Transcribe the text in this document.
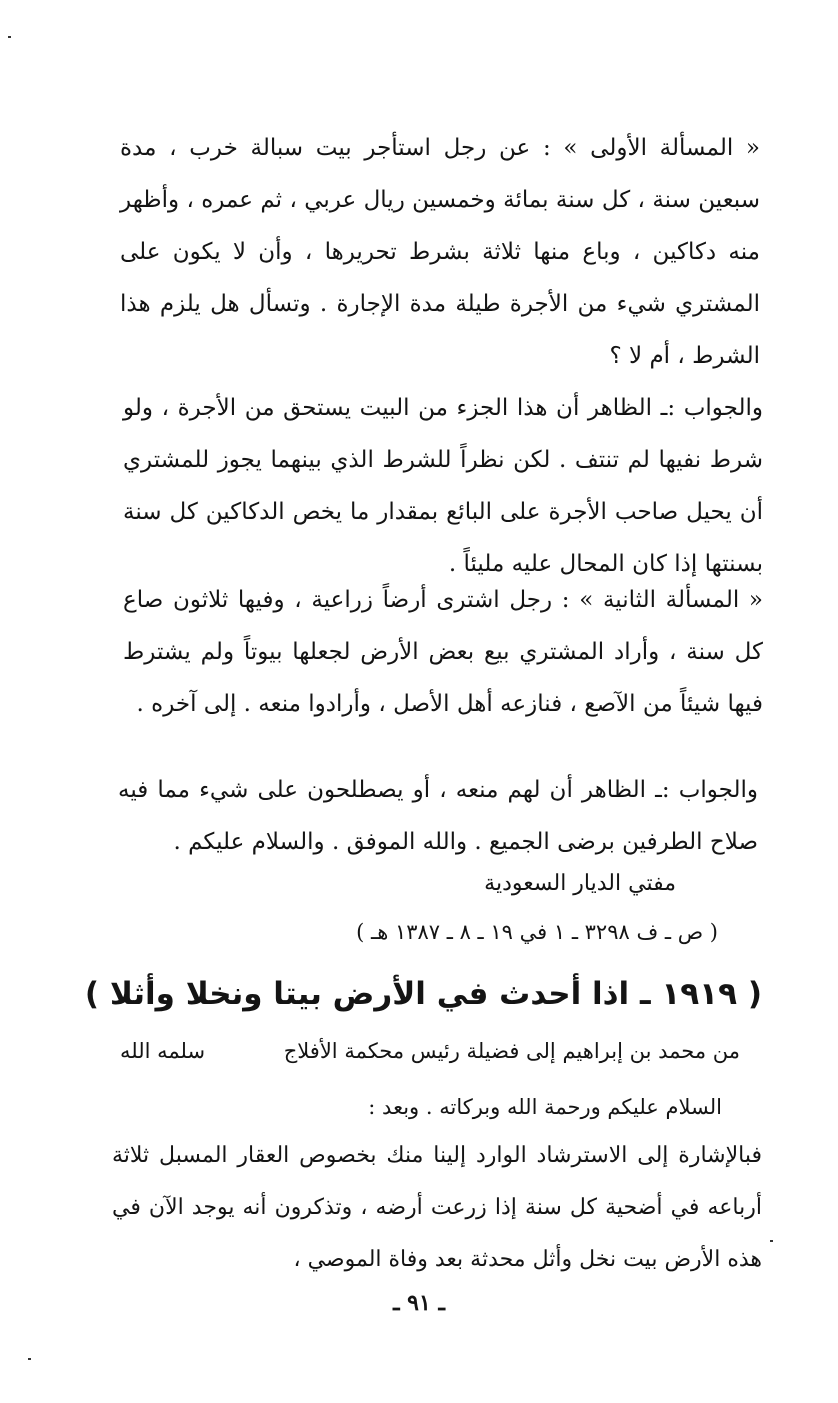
« المسألة الأولى » : عن رجل استأجر بيت سبالة خرب ، مدة سبعين سنة ، كل سنة بمائة وخمسين ريال عربي ، ثم عمره ، وأظهر منه دكاكين ، وباع منها ثلاثة بشرط تحريرها ، وأن لا يكون على المشتري شيء من الأجرة طيلة مدة الإجارة . وتسأل هل يلزم هذا الشرط ، أم لا ؟

والجواب :ـ الظاهر أن هذا الجزء من البيت يستحق من الأجرة ، ولو شرط نفيها لم تنتف . لكن نظراً للشرط الذي بينهما يجوز للمشتري أن يحيل صاحب الأجرة على البائع بمقدار ما يخص الدكاكين كل سنة بسنتها إذا كان المحال عليه مليئاً .

« المسألة الثانية » : رجل اشترى أرضاً زراعية ، وفيها ثلاثون صاع كل سنة ، وأراد المشتري بيع بعض الأرض لجعلها بيوتاً ولم يشترط فيها شيئاً من الآصع ، فنازعه أهل الأصل ، وأرادوا منعه . إلى آخره .

والجواب :ـ الظاهر أن لهم منعه ، أو يصطلحون على شيء مما فيه صلاح الطرفين برضى الجميع . والله الموفق . والسلام عليكم .

مفتي الديار السعودية

( ص ـ ف ٣٢٩٨ ـ ١ في ١٩ ـ ٨ ـ ١٣٨٧ هـ )

( ١٩١٩ ـ اذا أحدث في الأرض بيتا ونخلا وأثلا )

من محمد بن إبراهيم إلى فضيلة رئيس محكمة الأفلاج
سلمه الله

السلام عليكم ورحمة الله وبركاته . وبعد :

فبالإشارة إلى الاسترشاد الوارد إلينا منك بخصوص العقار المسبل ثلاثة أرباعه في أضحية كل سنة إذا زرعت أرضه ، وتذكرون أنه يوجد الآن في هذه الأرض بيت نخل وأثل محدثة بعد وفاة الموصي ،

ـ ٩١ ـ
